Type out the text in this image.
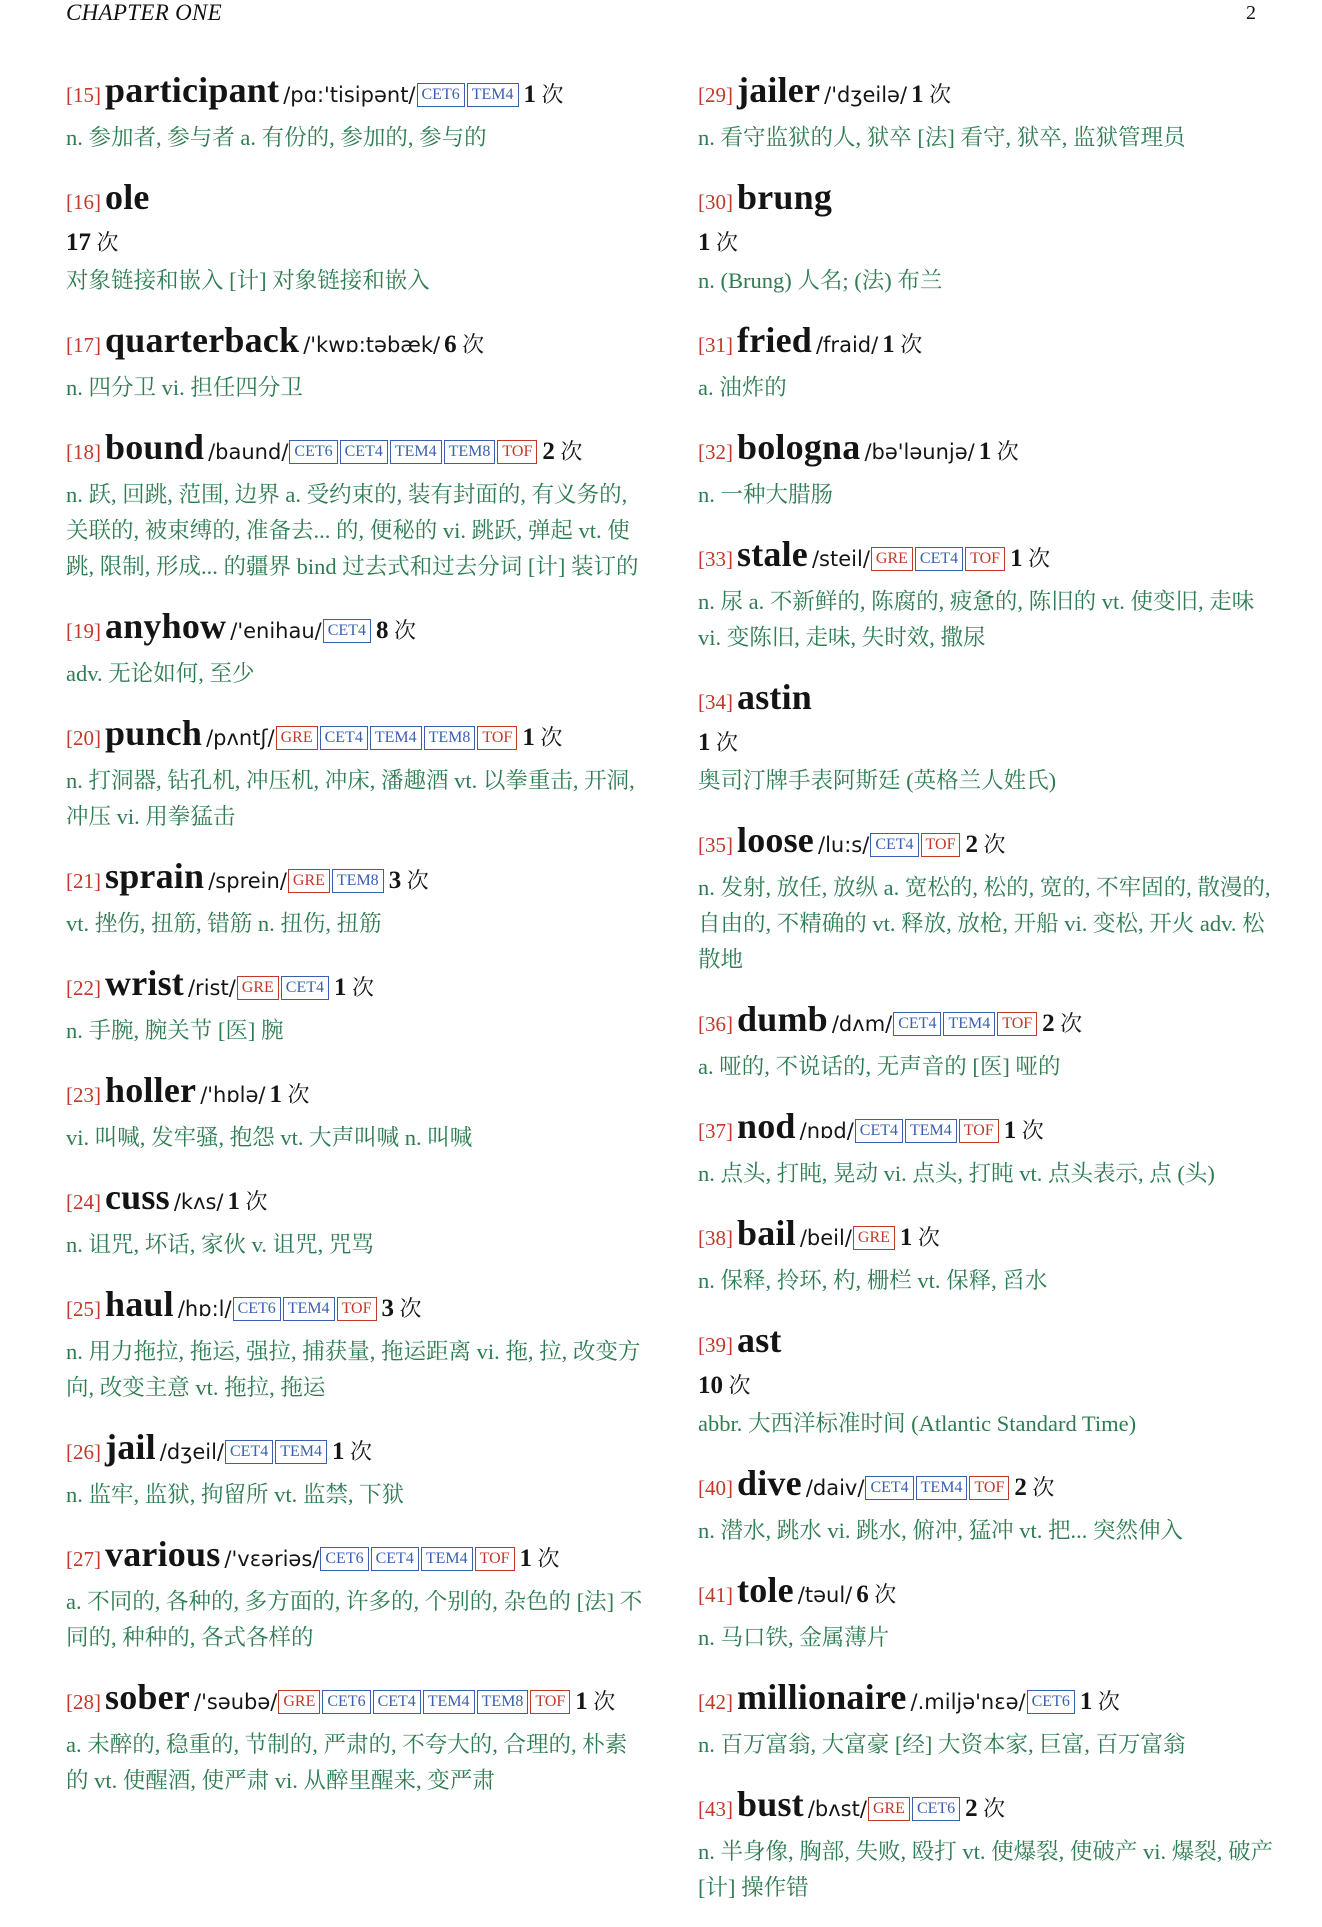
CHAPTER ONE	2
[15] participant /pɑ:'tisipənt/ CET6 TEM4 1 次
n. 参加者, 参与者 a. 有份的, 参加的, 参与的
[16] ole
17 次
对象链接和嵌入 [计] 对象链接和嵌入
[17] quarterback /'kwɒ:təbæk/ 6 次
n. 四分卫 vi. 担任四分卫
[18] bound /baund/ CET6 CET4 TEM4 TEM8 TOF 2 次
n. 跃, 回跳, 范围, 边界 a. 受约束的, 装有封面的, 有义务的, 关联的, 被束缚的, 准备去... 的, 便秘的 vi. 跳跃, 弹起 vt. 使跳, 限制, 形成... 的疆界 bind 过去式和过去分词 [计] 装订的
[19] anyhow /'enihau/ CET4 8 次
adv. 无论如何, 至少
[20] punch /pʌntʃ/ GRE CET4 TEM4 TEM8 TOF 1 次
n. 打洞器, 钻孔机, 冲压机, 冲床, 潘趣酒 vt. 以拳重击, 开洞, 冲压 vi. 用拳猛击
[21] sprain /sprein/ GRE TEM8 3 次
vt. 挫伤, 扭筋, 错筋 n. 扭伤, 扭筋
[22] wrist /rist/ GRE CET4 1 次
n. 手腕, 腕关节 [医] 腕
[23] holler /'hɒlə/ 1 次
vi. 叫喊, 发牢骚, 抱怨 vt. 大声叫喊 n. 叫喊
[24] cuss /kʌs/ 1 次
n. 诅咒, 坏话, 家伙 v. 诅咒, 咒骂
[25] haul /hɒ:l/ CET6 TEM4 TOF 3 次
n. 用力拖拉, 拖运, 强拉, 捕获量, 拖运距离 vi. 拖, 拉, 改变方向, 改变主意 vt. 拖拉, 拖运
[26] jail /dʒeil/ CET4 TEM4 1 次
n. 监牢, 监狱, 拘留所 vt. 监禁, 下狱
[27] various /'vɛəriəs/ CET6 CET4 TEM4 TOF 1 次
a. 不同的, 各种的, 多方面的, 许多的, 个别的, 杂色的 [法] 不同的, 种种的, 各式各样的
[28] sober /'səubə/ GRE CET6 CET4 TEM4 TEM8 TOF 1 次
a. 未醉的, 稳重的, 节制的, 严肃的, 不夸大的, 合理的, 朴素的 vt. 使醒酒, 使严肃 vi. 从醉里醒来, 变严肃
[29] jailer /'dʒeilə/ 1 次
n. 看守监狱的人, 狱卒 [法] 看守, 狱卒, 监狱管理员
[30] brung
1 次
n. (Brung) 人名; (法) 布兰
[31] fried /fraid/ 1 次
a. 油炸的
[32] bologna /bə'ləunjə/ 1 次
n. 一种大腊肠
[33] stale /steil/ GRE CET4 TOF 1 次
n. 尿 a. 不新鲜的, 陈腐的, 疲惫的, 陈旧的 vt. 使变旧, 走味 vi. 变陈旧, 走味, 失时效, 撒尿
[34] astin
1 次
奥司汀牌手表阿斯廷 (英格兰人姓氏)
[35] loose /lu:s/ CET4 TOF 2 次
n. 发射, 放任, 放纵 a. 宽松的, 松的, 宽的, 不牢固的, 散漫的, 自由的, 不精确的 vt. 释放, 放枪, 开船 vi. 变松, 开火 adv. 松散地
[36] dumb /dʌm/ CET4 TEM4 TOF 2 次
a. 哑的, 不说话的, 无声音的 [医] 哑的
[37] nod /nɒd/ CET4 TEM4 TOF 1 次
n. 点头, 打盹, 晃动 vi. 点头, 打盹 vt. 点头表示, 点 (头)
[38] bail /beil/ GRE 1 次
n. 保释, 拎环, 杓, 栅栏 vt. 保释, 舀水
[39] ast
10 次
abbr. 大西洋标准时间 (Atlantic Standard Time)
[40] dive /daiv/ CET4 TEM4 TOF 2 次
n. 潜水, 跳水 vi. 跳水, 俯冲, 猛冲 vt. 把... 突然伸入
[41] tole /təul/ 6 次
n. 马口铁, 金属薄片
[42] millionaire /.miljə'nɛə/ CET6 1 次
n. 百万富翁, 大富豪 [经] 大资本家, 巨富, 百万富翁
[43] bust /bʌst/ GRE CET6 2 次
n. 半身像, 胸部, 失败, 殴打 vt. 使爆裂, 使破产 vi. 爆裂, 破产 [计] 操作错
